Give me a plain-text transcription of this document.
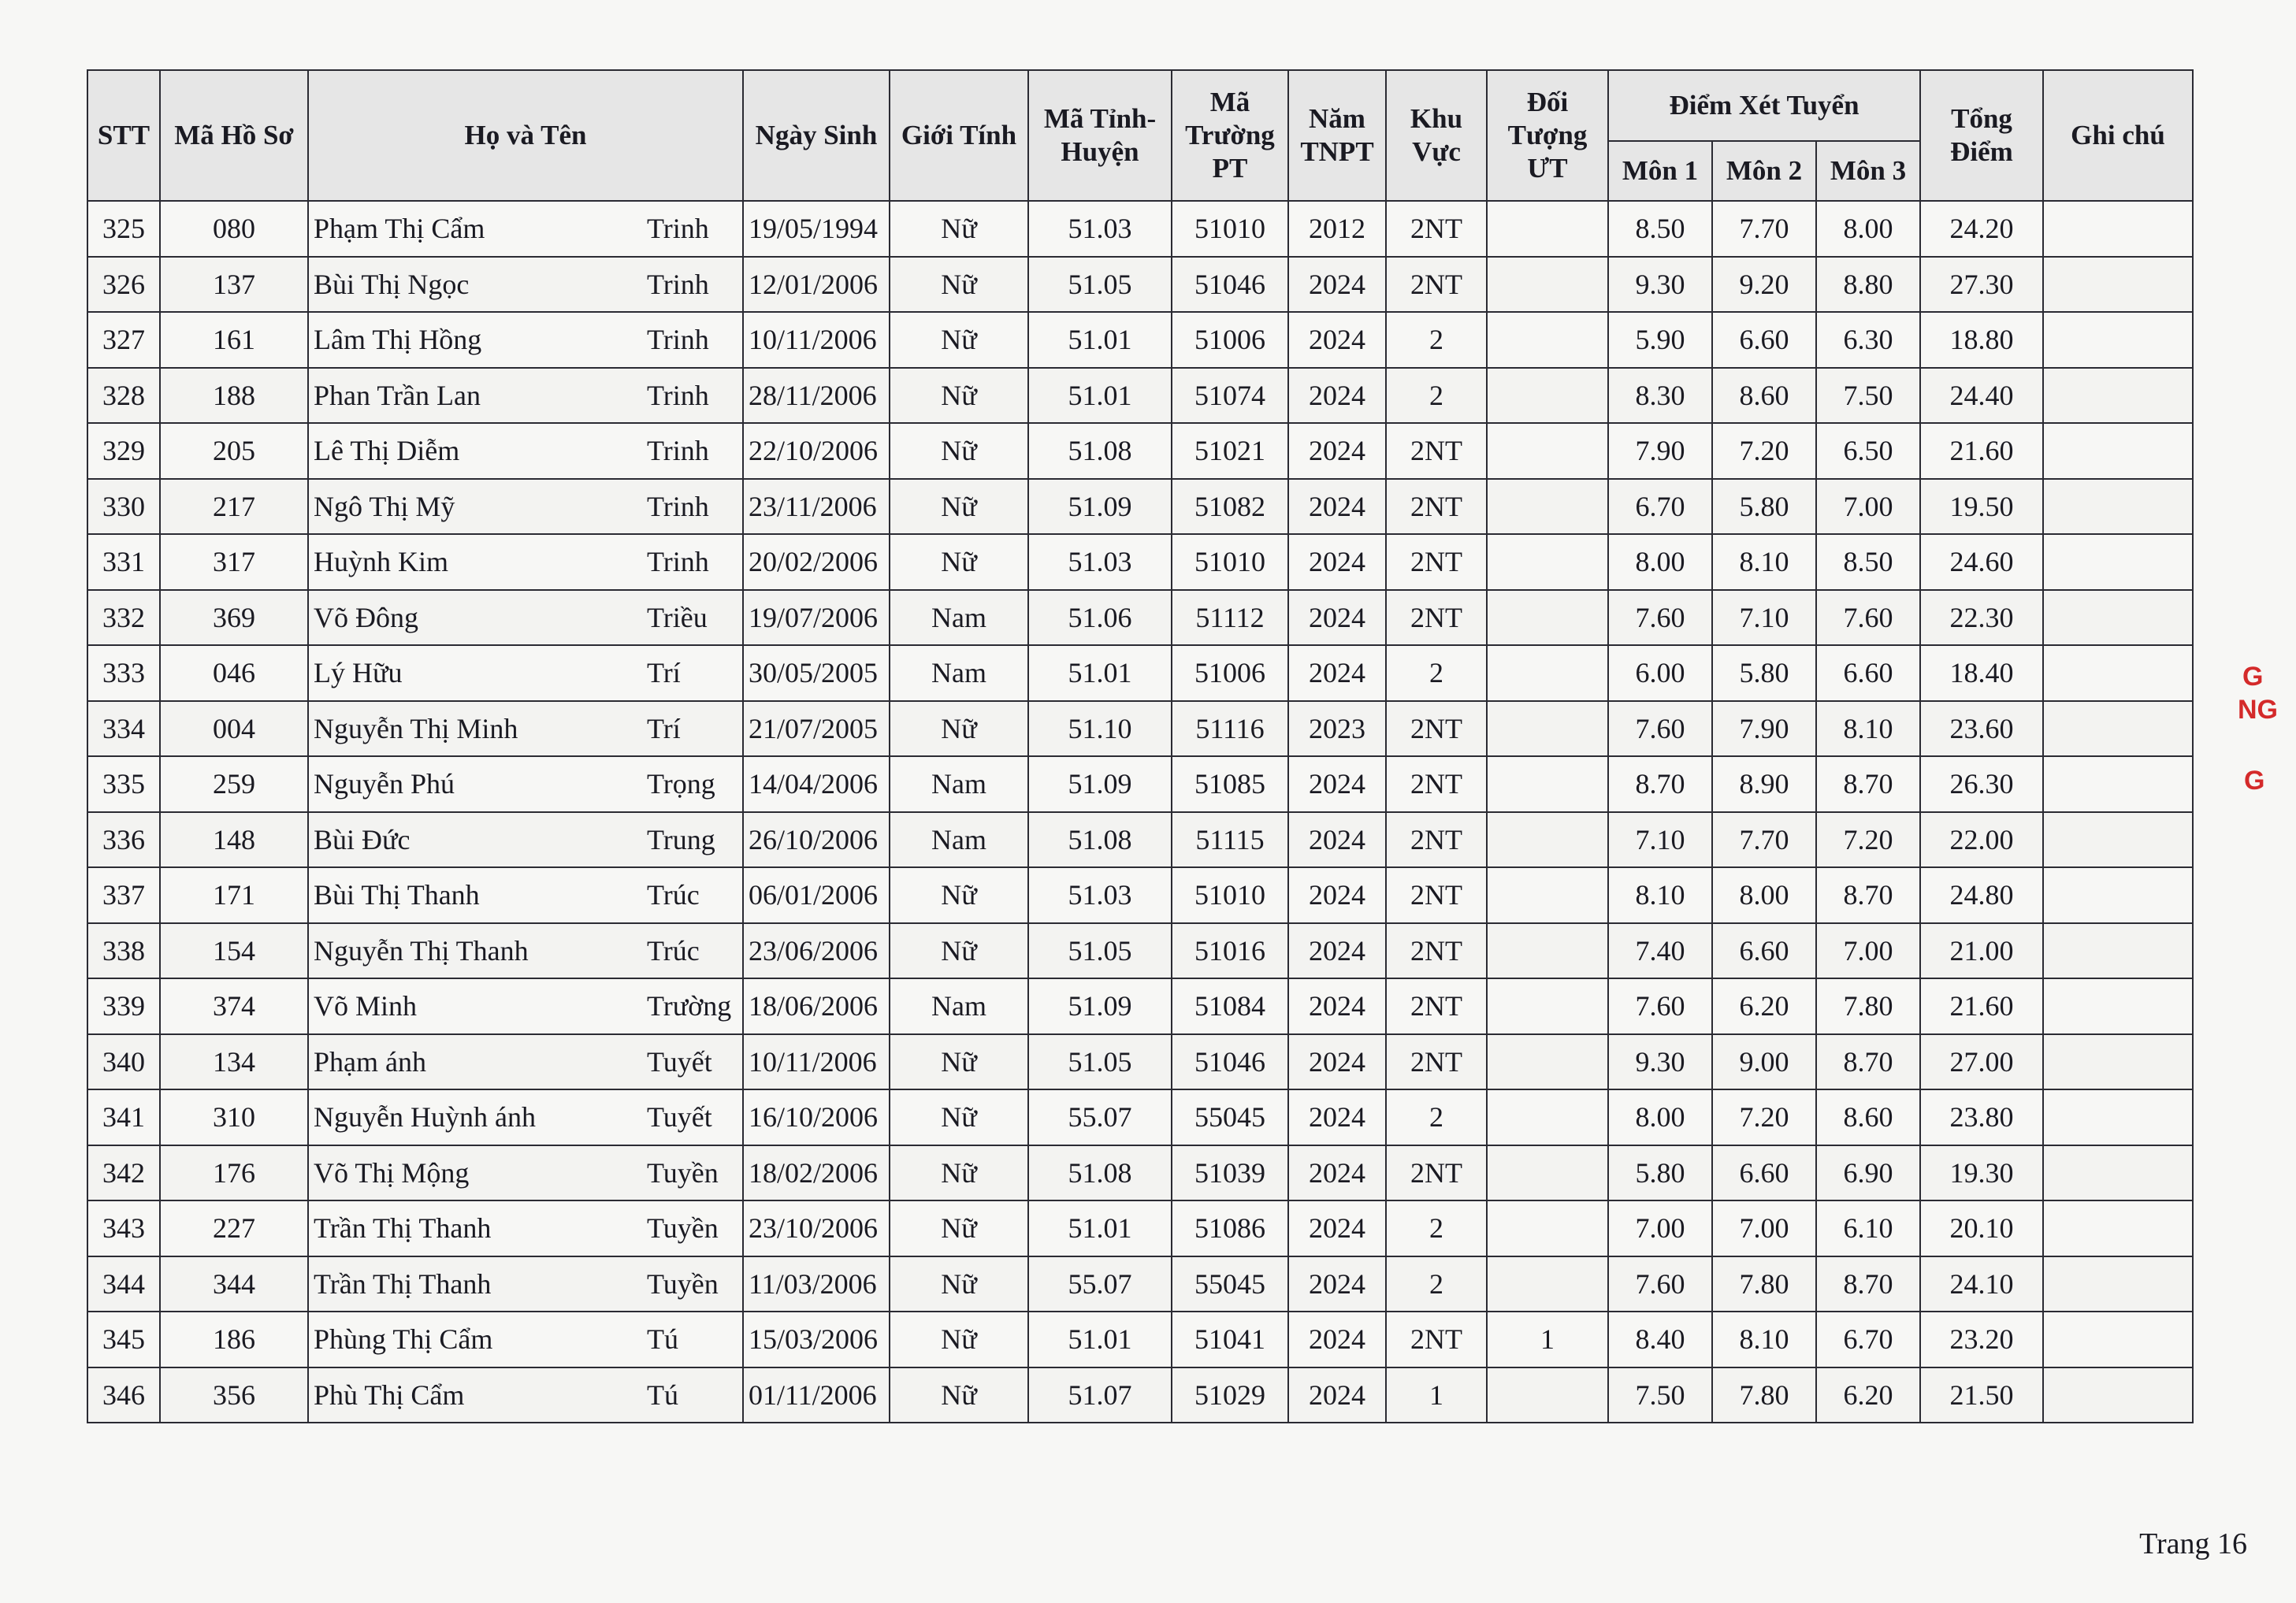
STT	Mã Hồ Sơ	Họ và Tên		Ngày Sinh	Giới Tính	Mã Tỉnh-Huyện	Mã Trường PT	Năm TNPT	Khu Vực	Đối Tượng ƯT	Điểm Xét Tuyển			Tổng Điểm	Ghi chú
											Môn 1	Môn 2	Môn 3		
325	080	Phạm Thị Cẩm	Trinh	19/05/1994	Nữ	51.03	51010	2012	2NT		8.50	7.70	8.00	24.20	
326	137	Bùi Thị Ngọc	Trinh	12/01/2006	Nữ	51.05	51046	2024	2NT		9.30	9.20	8.80	27.30	
327	161	Lâm Thị Hồng	Trinh	10/11/2006	Nữ	51.01	51006	2024	2		5.90	6.60	6.30	18.80	
328	188	Phan Trần Lan	Trinh	28/11/2006	Nữ	51.01	51074	2024	2		8.30	8.60	7.50	24.40	
329	205	Lê Thị Diễm	Trinh	22/10/2006	Nữ	51.08	51021	2024	2NT		7.90	7.20	6.50	21.60	
330	217	Ngô Thị Mỹ	Trinh	23/11/2006	Nữ	51.09	51082	2024	2NT		6.70	5.80	7.00	19.50	
331	317	Huỳnh Kim	Trinh	20/02/2006	Nữ	51.03	51010	2024	2NT		8.00	8.10	8.50	24.60	
332	369	Võ Đông	Triều	19/07/2006	Nam	51.06	51112	2024	2NT		7.60	7.10	7.60	22.30	
333	046	Lý Hữu	Trí	30/05/2005	Nam	51.01	51006	2024	2		6.00	5.80	6.60	18.40	
334	004	Nguyễn Thị Minh	Trí	21/07/2005	Nữ	51.10	51116	2023	2NT		7.60	7.90	8.10	23.60	
335	259	Nguyễn Phú	Trọng	14/04/2006	Nam	51.09	51085	2024	2NT		8.70	8.90	8.70	26.30	
336	148	Bùi Đức	Trung	26/10/2006	Nam	51.08	51115	2024	2NT		7.10	7.70	7.20	22.00	
337	171	Bùi Thị Thanh	Trúc	06/01/2006	Nữ	51.03	51010	2024	2NT		8.10	8.00	8.70	24.80	
338	154	Nguyễn Thị Thanh	Trúc	23/06/2006	Nữ	51.05	51016	2024	2NT		7.40	6.60	7.00	21.00	
339	374	Võ Minh	Trường	18/06/2006	Nam	51.09	51084	2024	2NT		7.60	6.20	7.80	21.60	
340	134	Phạm ánh	Tuyết	10/11/2006	Nữ	51.05	51046	2024	2NT		9.30	9.00	8.70	27.00	
341	310	Nguyễn Huỳnh ánh	Tuyết	16/10/2006	Nữ	55.07	55045	2024	2		8.00	7.20	8.60	23.80	
342	176	Võ Thị Mộng	Tuyền	18/02/2006	Nữ	51.08	51039	2024	2NT		5.80	6.60	6.90	19.30	
343	227	Trần Thị Thanh	Tuyền	23/10/2006	Nữ	51.01	51086	2024	2		7.00	7.00	6.10	20.10	
344	344	Trần Thị Thanh	Tuyền	11/03/2006	Nữ	55.07	55045	2024	2		7.60	7.80	8.70	24.10	
345	186	Phùng Thị Cẩm	Tú	15/03/2006	Nữ	51.01	51041	2024	2NT	1	8.40	8.10	6.70	23.20	
346	356	Phù Thị Cẩm	Tú	01/11/2006	Nữ	51.07	51029	2024	1		7.50	7.80	6.20	21.50	
Trang 16
G
NG
G
